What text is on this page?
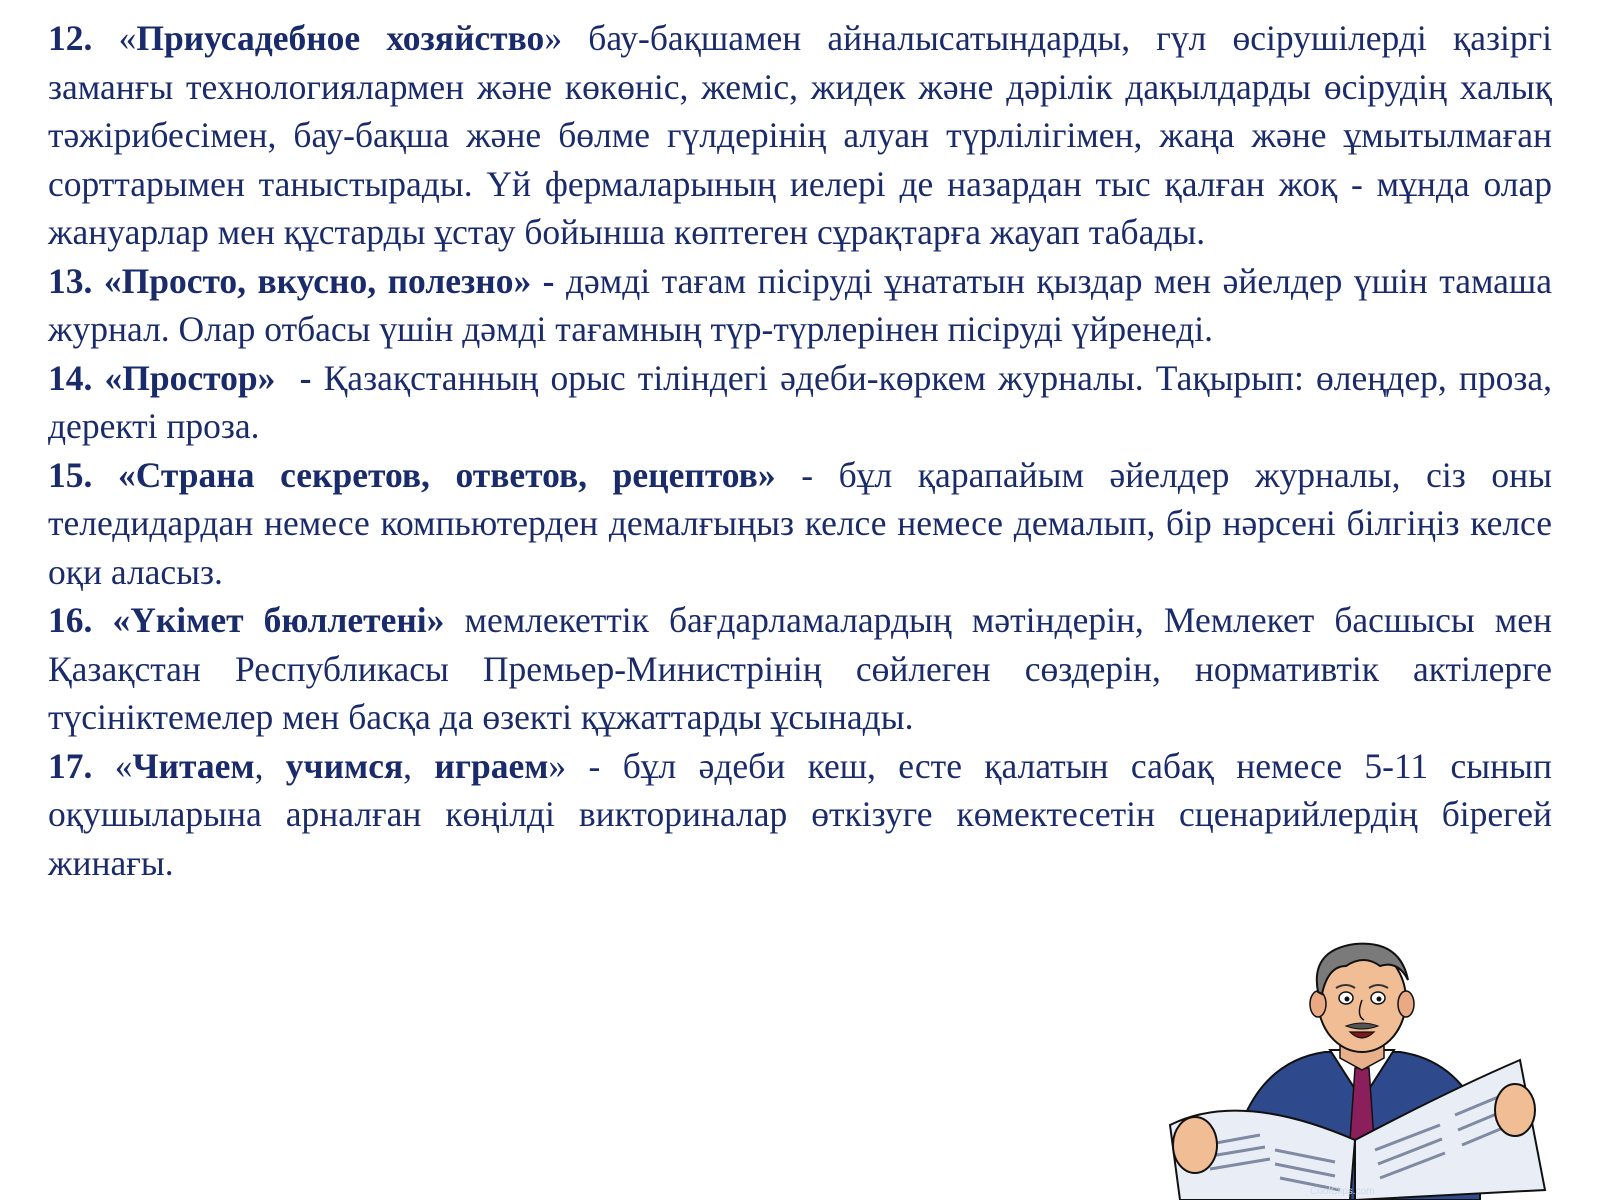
12. «Приусадебное хозяйство» бау-бақшамен айналысатындарды, гүл өсірушілерді қазіргі заманғы технологиялармен және көкөніс, жеміс, жидек және дәрілік дақылдарды өсірудің халық тәжірибесімен, бау-бақша және бөлме гүлдерінің алуан түрлілігімен, жаңа және ұмытылмаған сорттарымен таныстырады. Үй фермаларының иелері де назардан тыс қалған жоқ - мұнда олар жануарлар мен құстарды ұстау бойынша көптеген сұрақтарға жауап табады.

13. «Просто, вкусно, полезно» - дәмді тағам пісіруді ұнататын қыздар мен әйелдер үшін тамаша журнал. Олар отбасы үшін дәмді тағамның түр-түрлерінен пісіруді үйренеді.

14. «Простор»  - Қазақстанның орыс тіліндегі әдеби-көркем журналы. Тақырып: өлеңдер, проза, деректі проза.

15. «Страна секретов, ответов, рецептов» - бұл қарапайым әйелдер журналы, сіз оны теледидардан немесе компьютерден демалғыңыз келсе немесе демалып, бір нәрсені білгіңіз келсе оқи аласыз.

16. «Үкімет бюллетені» мемлекеттік бағдарламалардың мәтіндерін, Мемлекет басшысы мен Қазақстан Республикасы Премьер-Министрінің сөйлеген сөздерін, нормативтік актілерге түсініктемелер мен басқа да өзекті құжаттарды ұсынады.

17. «Читаем, учимся, играем» - бұл әдеби кеш, есте қалатын сабақ немесе 5-11 сынып оқушыларына арналған көңілді викториналар өткізуге көмектесетін сценарийлердің бірегей жинағы.

CoolClips.com
